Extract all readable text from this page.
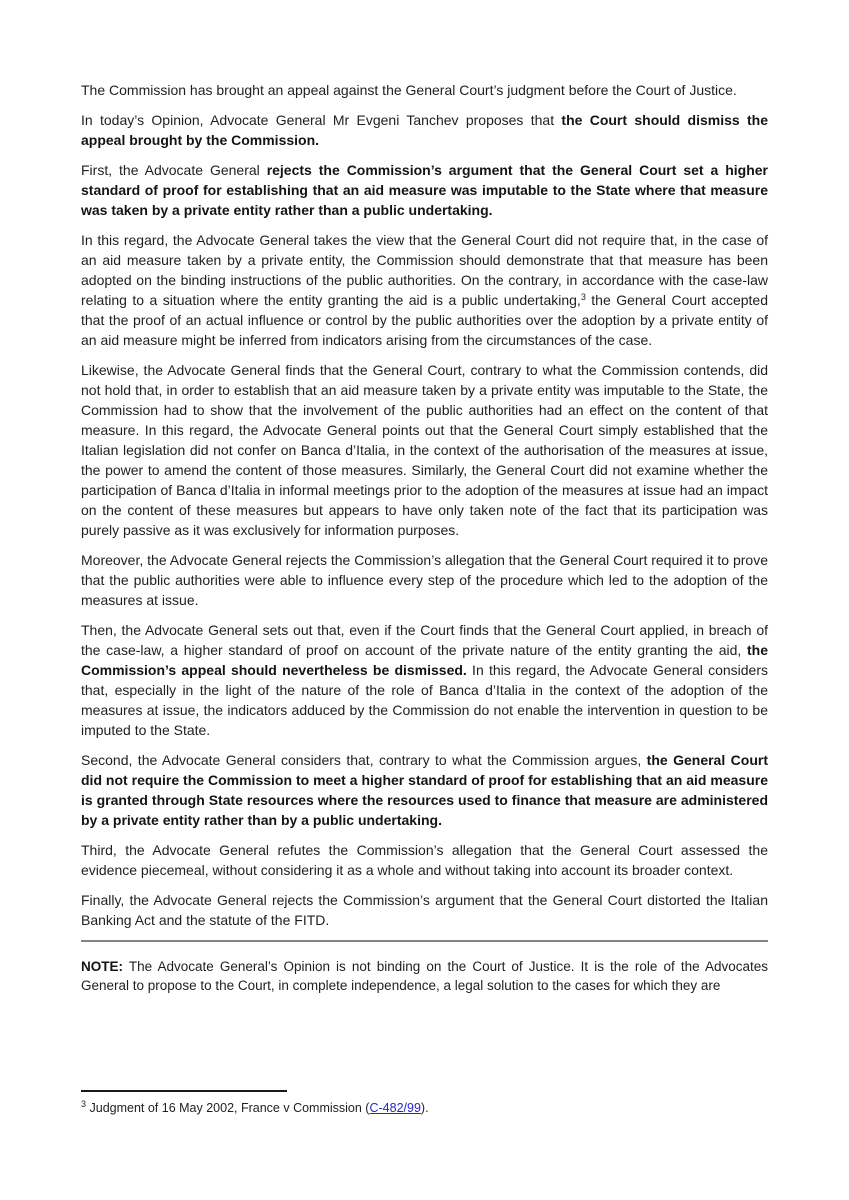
The Commission has brought an appeal against the General Court’s judgment before the Court of Justice.

In today’s Opinion, Advocate General Mr Evgeni Tanchev proposes that the Court should dismiss the appeal brought by the Commission.

First, the Advocate General rejects the Commission’s argument that the General Court set a higher standard of proof for establishing that an aid measure was imputable to the State where that measure was taken by a private entity rather than a public undertaking.

In this regard, the Advocate General takes the view that the General Court did not require that, in the case of an aid measure taken by a private entity, the Commission should demonstrate that that measure has been adopted on the binding instructions of the public authorities. On the contrary, in accordance with the case-law relating to a situation where the entity granting the aid is a public undertaking,$^3$ the General Court accepted that the proof of an actual influence or control by the public authorities over the adoption by a private entity of an aid measure might be inferred from indicators arising from the circumstances of the case.

Likewise, the Advocate General finds that the General Court, contrary to what the Commission contends, did not hold that, in order to establish that an aid measure taken by a private entity was imputable to the State, the Commission had to show that the involvement of the public authorities had an effect on the content of that measure. In this regard, the Advocate General points out that the General Court simply established that the Italian legislation did not confer on Banca d’Italia, in the context of the authorisation of the measures at issue, the power to amend the content of those measures. Similarly, the General Court did not examine whether the participation of Banca d’Italia in informal meetings prior to the adoption of the measures at issue had an impact on the content of these measures but appears to have only taken note of the fact that its participation was purely passive as it was exclusively for information purposes.

Moreover, the Advocate General rejects the Commission’s allegation that the General Court required it to prove that the public authorities were able to influence every step of the procedure which led to the adoption of the measures at issue.

Then, the Advocate General sets out that, even if the Court finds that the General Court applied, in breach of the case-law, a higher standard of proof on account of the private nature of the entity granting the aid, the Commission’s appeal should nevertheless be dismissed. In this regard, the Advocate General considers that, especially in the light of the nature of the role of Banca d’Italia in the context of the adoption of the measures at issue, the indicators adduced by the Commission do not enable the intervention in question to be imputed to the State.

Second, the Advocate General considers that, contrary to what the Commission argues, the General Court did not require the Commission to meet a higher standard of proof for establishing that an aid measure is granted through State resources where the resources used to finance that measure are administered by a private entity rather than by a public undertaking.

Third, the Advocate General refutes the Commission’s allegation that the General Court assessed the evidence piecemeal, without considering it as a whole and without taking into account its broader context.

Finally, the Advocate General rejects the Commission’s argument that the General Court distorted the Italian Banking Act and the statute of the FITD.

NOTE: The Advocate General’s Opinion is not binding on the Court of Justice. It is the role of the Advocates General to propose to the Court, in complete independence, a legal solution to the cases for which they are

$^3$ Judgment of 16 May 2002, France v Commission (C-482/99).
